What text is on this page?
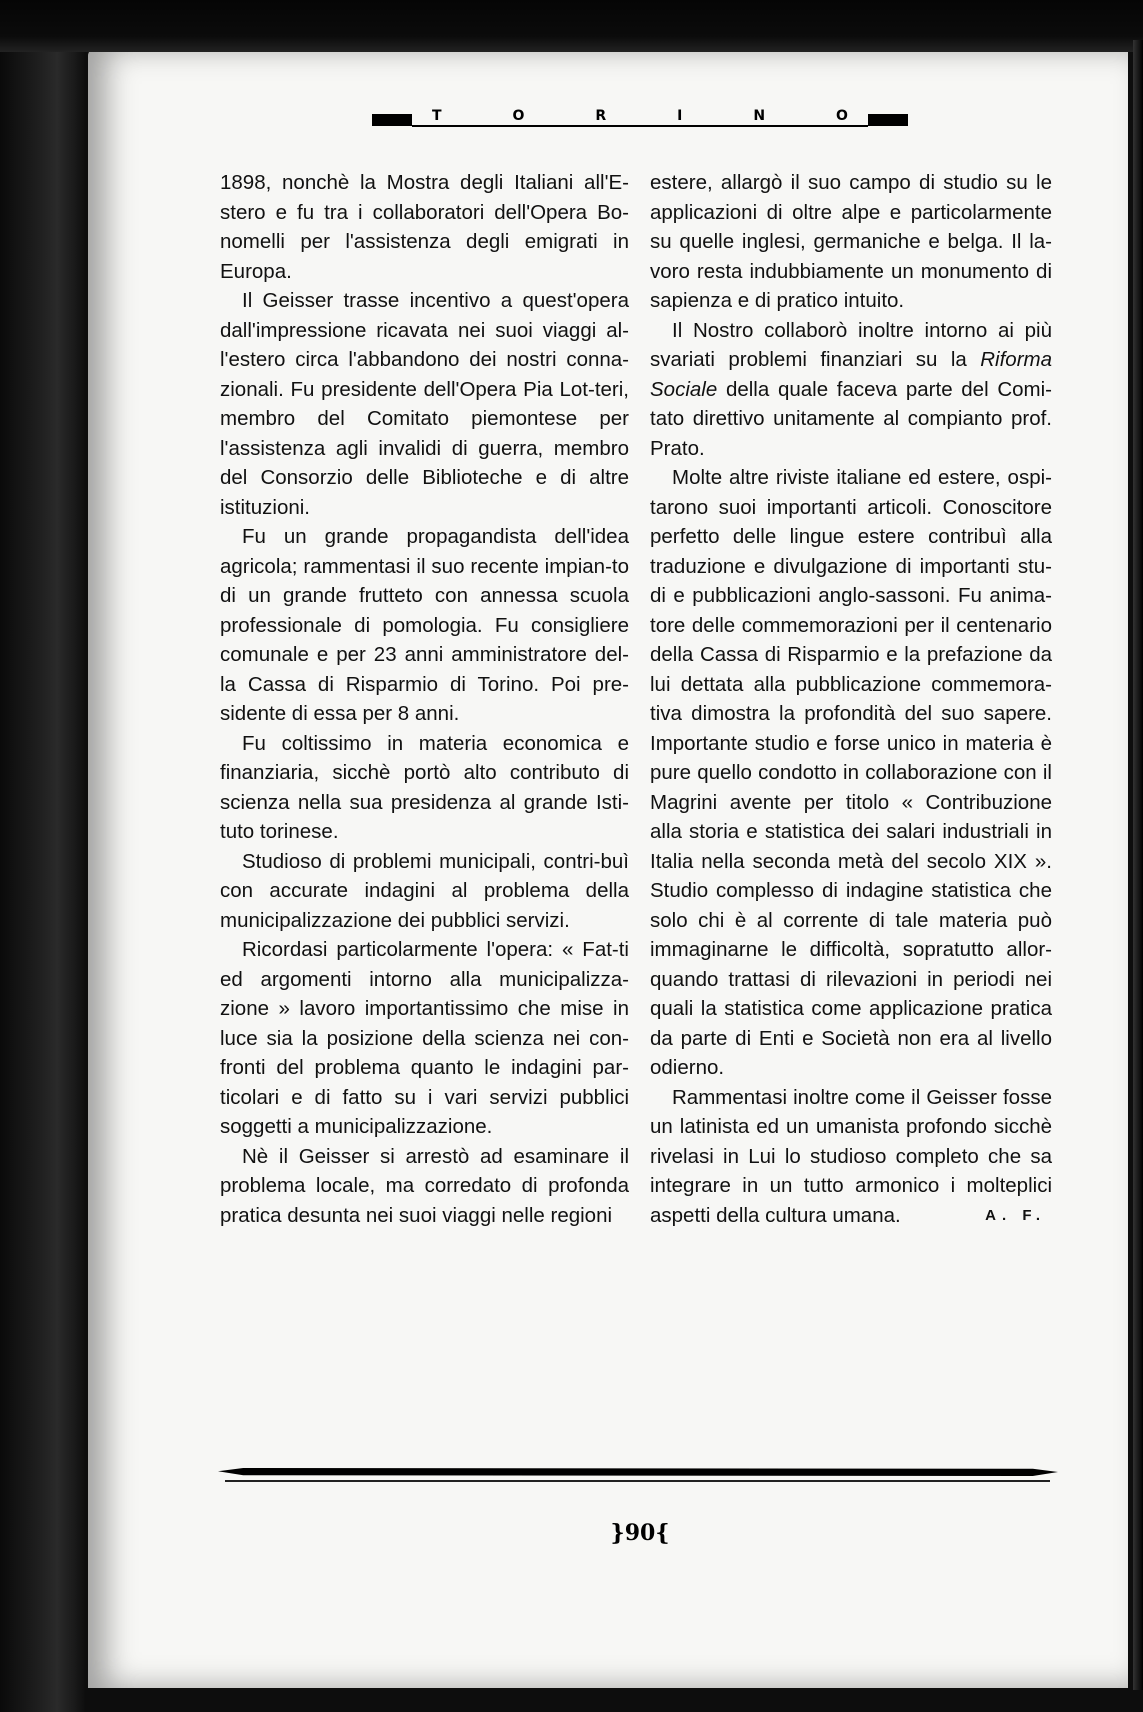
T	O	R	I	N	O

1898, nonchè la Mostra degli Italiani all'E-stero e fu tra i collaboratori dell'Opera Bo-nomelli per l'assistenza degli emigrati in Europa.

Il Geisser trasse incentivo a quest'opera dall'impressione ricavata nei suoi viaggi al-l'estero circa l'abbandono dei nostri conna-zionali. Fu presidente dell'Opera Pia Lot-teri, membro del Comitato piemontese per l'assistenza agli invalidi di guerra, membro del Consorzio delle Biblioteche e di altre istituzioni.

Fu un grande propagandista dell'idea agricola; rammentasi il suo recente impian-to di un grande frutteto con annessa scuola professionale di pomologia. Fu consigliere comunale e per 23 anni amministratore del-la Cassa di Risparmio di Torino. Poi pre-sidente di essa per 8 anni.

Fu coltissimo in materia economica e finanziaria, sicchè portò alto contributo di scienza nella sua presidenza al grande Isti-tuto torinese.

Studioso di problemi municipali, contri-buì con accurate indagini al problema della municipalizzazione dei pubblici servizi.

Ricordasi particolarmente l'opera: « Fat-ti ed argomenti intorno alla municipalizza-zione » lavoro importantissimo che mise in luce sia la posizione della scienza nei con-fronti del problema quanto le indagini par-ticolari e di fatto su i vari servizi pubblici soggetti a municipalizzazione.

Nè il Geisser si arrestò ad esaminare il problema locale, ma corredato di profonda pratica desunta nei suoi viaggi nelle regioni

estere, allargò il suo campo di studio su le applicazioni di oltre alpe e particolarmente su quelle inglesi, germaniche e belga. Il la-voro resta indubbiamente un monumento di sapienza e di pratico intuito.

Il Nostro collaborò inoltre intorno ai più svariati problemi finanziari su la Riforma Sociale della quale faceva parte del Comi-tato direttivo unitamente al compianto prof. Prato.

Molte altre riviste italiane ed estere, ospi-tarono suoi importanti articoli. Conoscitore perfetto delle lingue estere contribuì alla traduzione e divulgazione di importanti stu-di e pubblicazioni anglo-sassoni. Fu anima-tore delle commemorazioni per il centenario della Cassa di Risparmio e la prefazione da lui dettata alla pubblicazione commemora-tiva dimostra la profondità del suo sapere. Importante studio e forse unico in materia è pure quello condotto in collaborazione con il Magrini avente per titolo « Contribuzione alla storia e statistica dei salari industriali in Italia nella seconda metà del secolo XIX ». Studio complesso di indagine statistica che solo chi è al corrente di tale materia può immaginarne le difficoltà, sopratutto allor-quando trattasi di rilevazioni in periodi nei quali la statistica come applicazione pratica da parte di Enti e Società non era al livello odierno.

Rammentasi inoltre come il Geisser fosse un latinista ed un umanista profondo sicchè rivelasi in Lui lo studioso completo che sa integrare in un tutto armonico i molteplici aspetti della cultura umana.	A. F.

}90{
